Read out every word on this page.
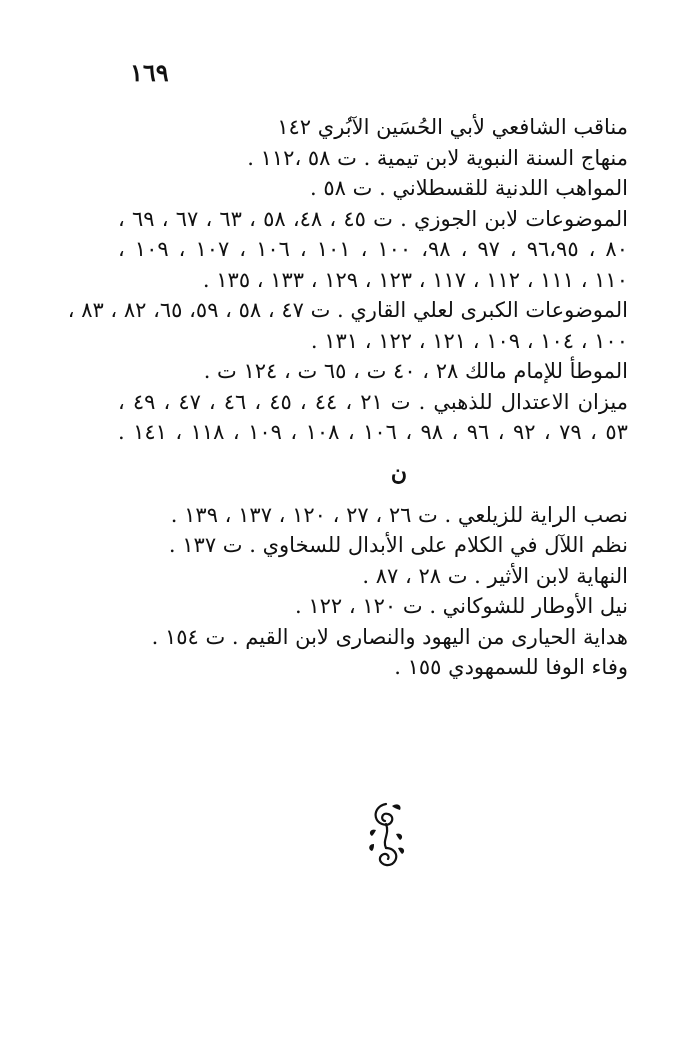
١٦٩
مناقب الشافعي لأبي الحُسَين الآبُري ١٤٢
منهاج السنة النبوية لابن تيمية . ت ٥٨ ،١١٢ .
المواهب اللدنية للقسطلاني . ت ٥٨ .
الموضوعات لابن الجوزي . ت ٤٥ ، ٤٨، ٥٨ ، ٦٣ ، ٦٧ ، ٦٩ ،
٨٠ ، ٩٦،٩٥ ، ٩٧ ، ٩٨، ١٠٠ ، ١٠١ ، ١٠٦ ، ١٠٧ ، ١٠٩ ،
١١٠ ، ١١١ ، ١١٢ ، ١١٧ ، ١٢٣ ، ١٢٩ ، ١٣٣ ، ١٣٥ .
الموضوعات الكبرى لعلي القاري . ت ٤٧ ، ٥٨ ، ٥٩، ٦٥، ٨٢ ، ٨٣ ،
١٠٠ ، ١٠٤ ، ١٠٩ ، ١٢١ ، ١٢٢ ، ١٣١ .
الموطأ للإمام مالك ٢٨ ، ٤٠ ت ، ٦٥ ت ، ١٢٤ ت .
ميزان الاعتدال للذهبي . ت ٢١ ، ٤٤ ، ٤٥ ، ٤٦ ، ٤٧ ، ٤٩ ،
٥٣ ، ٧٩ ، ٩٢ ، ٩٦ ، ٩٨ ، ١٠٦ ، ١٠٨ ، ١٠٩ ، ١١٨ ، ١٤١ .
ن
نصب الراية للزيلعي . ت ٢٦ ، ٢٧ ، ١٢٠ ، ١٣٧ ، ١٣٩ .
نظم اللآل في الكلام على الأبدال للسخاوي . ت ١٣٧ .
النهاية لابن الأثير . ت ٢٨ ، ٨٧ .
نيل الأوطار للشوكاني . ت ١٢٠ ، ١٢٢ .
هداية الحيارى من اليهود والنصارى لابن القيم . ت ١٥٤ .
وفاء الوفا للسمهودي ١٥٥ .
